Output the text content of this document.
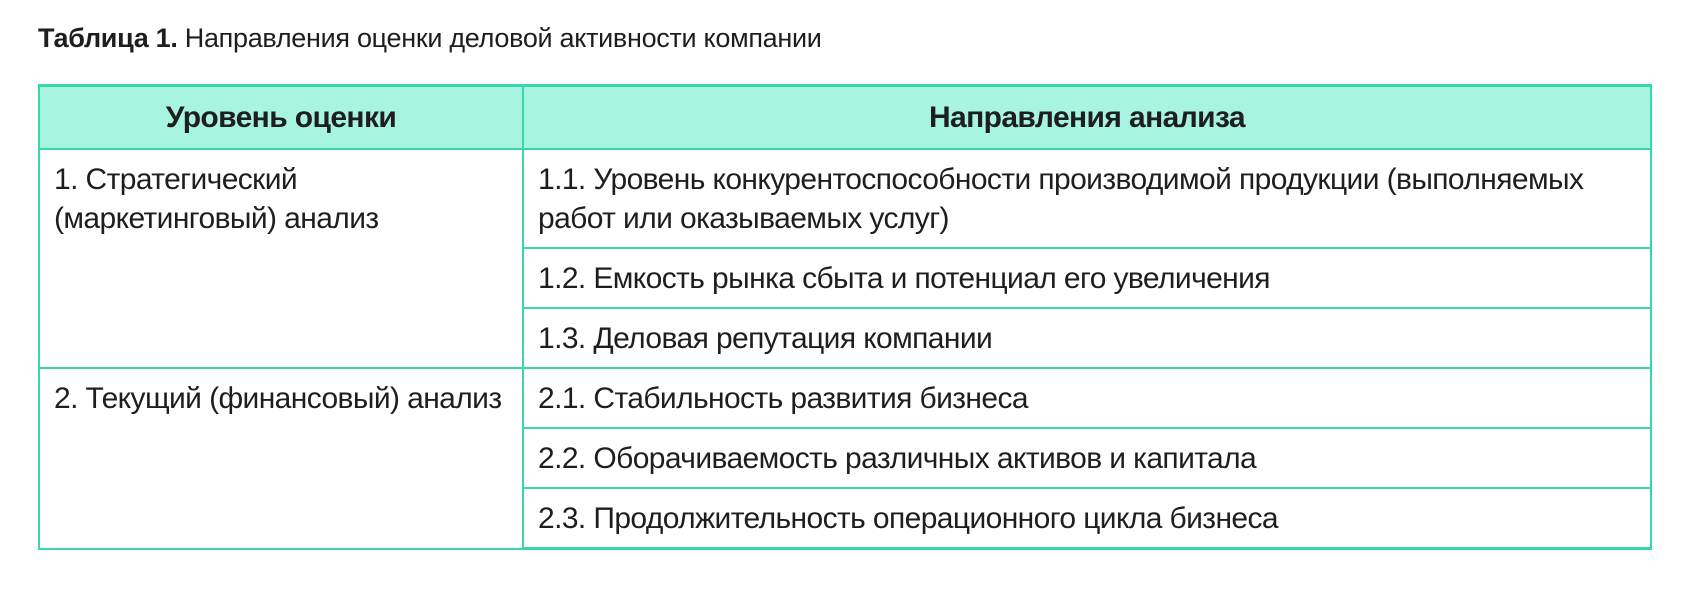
Таблица 1. Направления оценки деловой активности компании
Уровень оценки	Направления анализа
1. Стратегический (маркетинговый) анализ	1.1. Уровень конкурентоспособности производимой продукции (выполняемых работ или оказываемых услуг)
	1.2. Емкость рынка сбыта и потенциал его увеличения
	1.3. Деловая репутация компании
2. Текущий (финансовый) анализ	2.1. Стабильность развития бизнеса
	2.2. Оборачиваемость различных активов и капитала
	2.3. Продолжительность операционного цикла бизнеса
